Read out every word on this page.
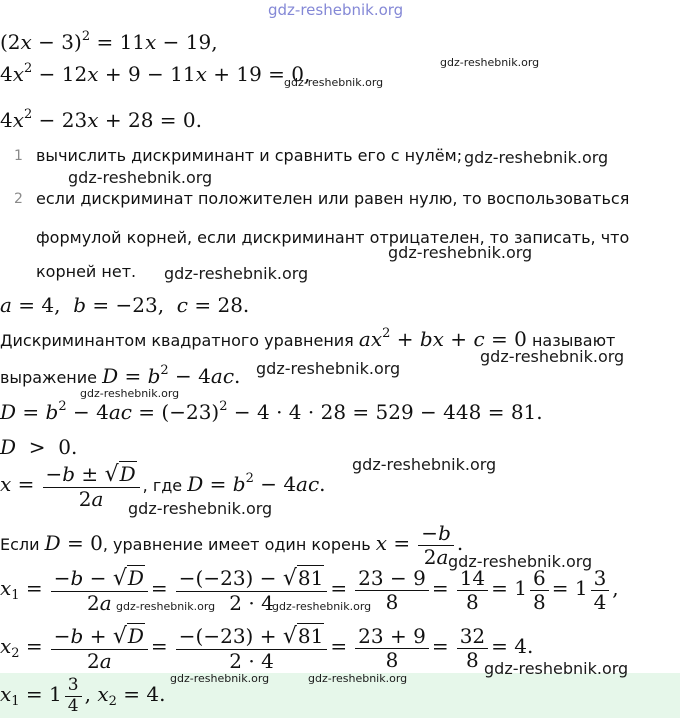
gdz-reshebnik.org
$(2x - 3)^2 = 11x - 19$,
$4x^2 - 12x + 9 - 11x + 19 = 0$,
gdz-reshebnik.org
gdz-reshebnik.org
$4x^2 - 23x + 28 = 0$.
1 вычислить дискриминант и сравнить его с нулём; gdz-reshebnik.org
gdz-reshebnik.org
2 если дискриминат положителен или равен нулю, то воспользоваться
формулой корней, если дискриминант отрицателен, то записать, что
корней нет.
gdz-reshebnik.org
gdz-reshebnik.org
a = 4,  b = −23,  c = 28.
Дискриминантом квадратного уравнения $ax^2$ + bx + c = 0 называют
gdz-reshebnik.org
выражение $D = b^2 - 4ac$. gdz-reshebnik.org
gdz-reshebnik.org
$D = b^2 - 4ac = (-23)^2 - 4 \cdot 4 \cdot 28 = 529 - 448 = 81$.
D  >  0.
gdz-reshebnik.org
$x = \frac{-b \pm √D}{2a}$ , где $D = b^2 - 4ac$.
gdz-reshebnik.org
Если D = 0, уравнение имеет один корень $x = \frac{-b}{2a}$ .
gdz-reshebnik.org
$x_1 = \frac{-b - √D}{2a} = \frac{-(-23) - √81}{2 \cdot 4} = \frac{23 - 9}{8} = \frac{14}{8} = 1 \frac{6}{8} = 1 \frac{3}{4}$ ,
gdz-reshebnik.org	gdz-reshebnik.org
$x_2 = \frac{-b + √D}{2a} = \frac{-(-23) + √81}{2 \cdot 4} = \frac{23 + 9}{8} = \frac{32}{8} = 4$.
gdz-reshebnik.org
gdz-reshebnik.org	gdz-reshebnik.org
$x_1 = 1 \frac{3}{4}$ , $x_2 = 4$.
